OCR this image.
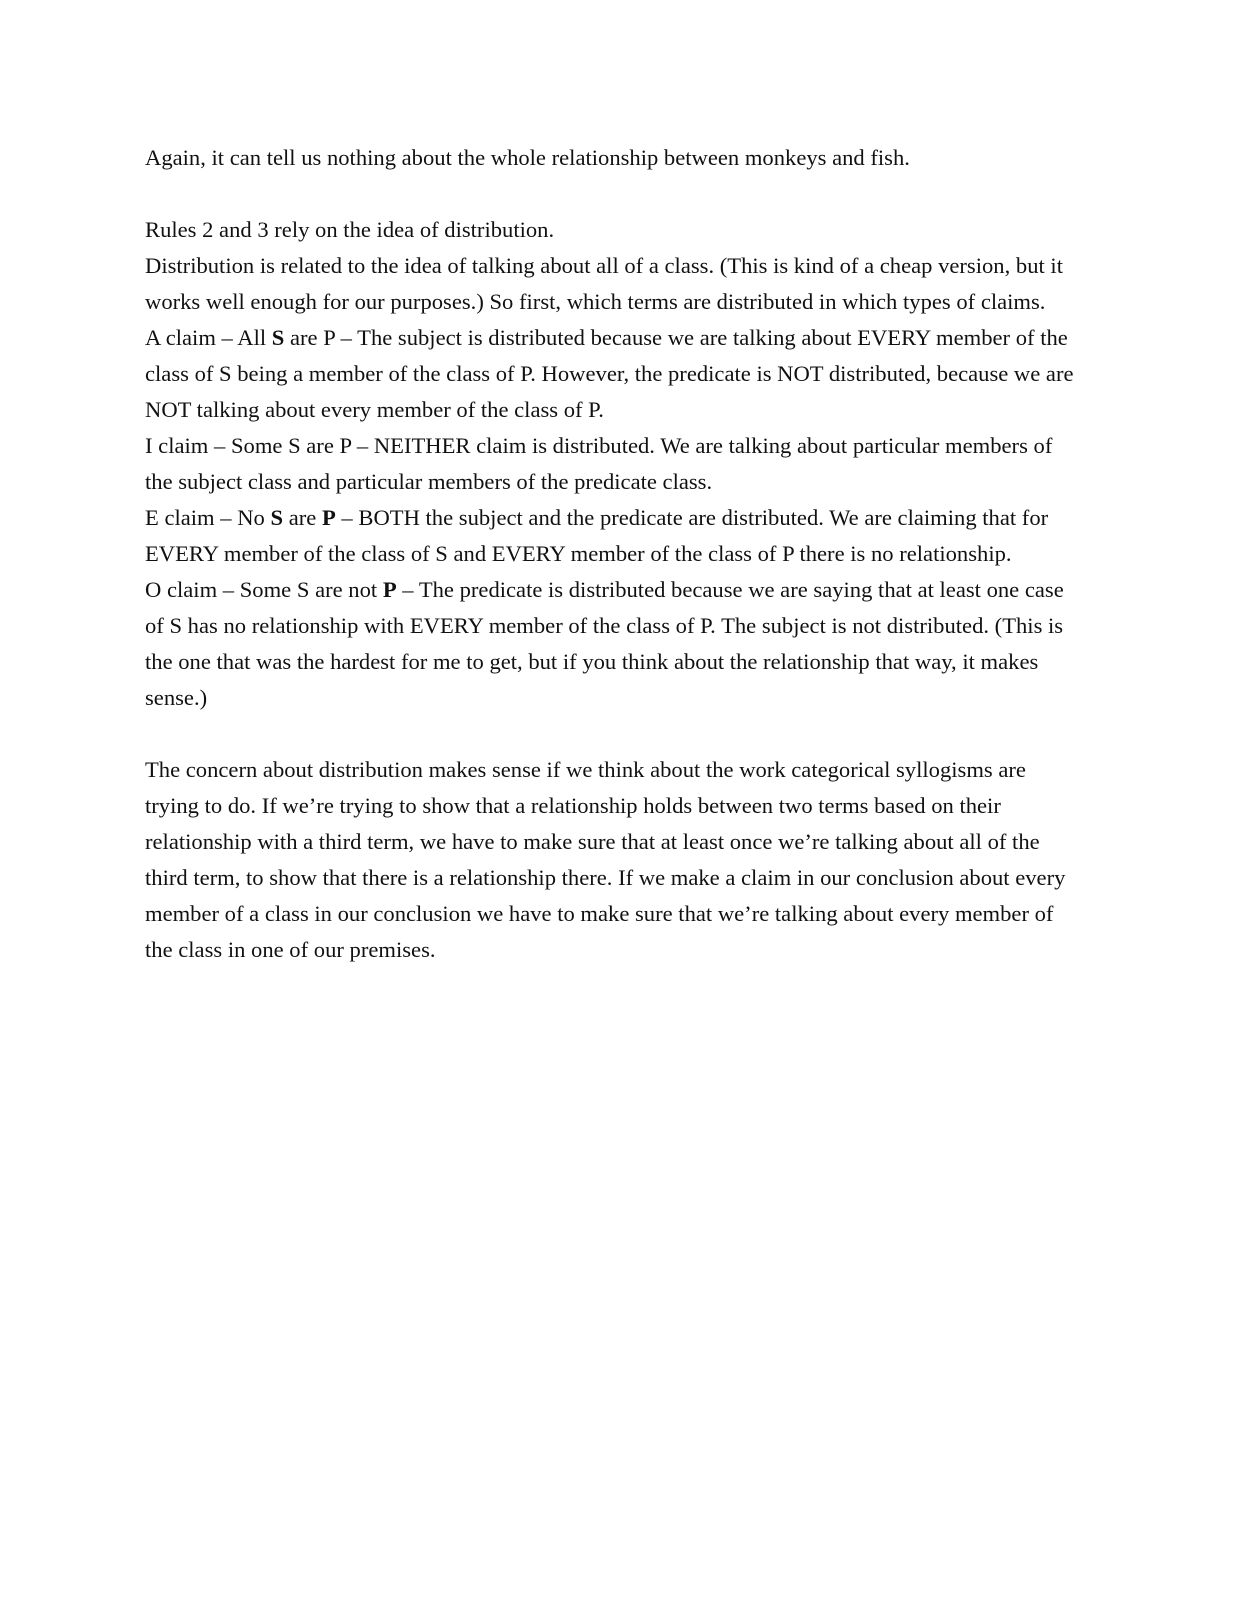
Again, it can tell us nothing about the whole relationship between monkeys and fish.

Rules 2 and 3 rely on the idea of distribution.

Distribution is related to the idea of talking about all of a class. (This is kind of a cheap version, but it works well enough for our purposes.) So first, which terms are distributed in which types of claims.

A claim – All S are P – The subject is distributed because we are talking about EVERY member of the class of S being a member of the class of P. However, the predicate is NOT distributed, because we are NOT talking about every member of the class of P.

I claim – Some S are P – NEITHER claim is distributed. We are talking about particular members of the subject class and particular members of the predicate class.

E claim – No S are P – BOTH the subject and the predicate are distributed. We are claiming that for EVERY member of the class of S and EVERY member of the class of P there is no relationship.

O claim – Some S are not P – The predicate is distributed because we are saying that at least one case of S has no relationship with EVERY member of the class of P. The subject is not distributed. (This is the one that was the hardest for me to get, but if you think about the relationship that way, it makes sense.)

The concern about distribution makes sense if we think about the work categorical syllogisms are trying to do. If we’re trying to show that a relationship holds between two terms based on their relationship with a third term, we have to make sure that at least once we’re talking about all of the third term, to show that there is a relationship there. If we make a claim in our conclusion about every member of a class in our conclusion we have to make sure that we’re talking about every member of the class in one of our premises.
